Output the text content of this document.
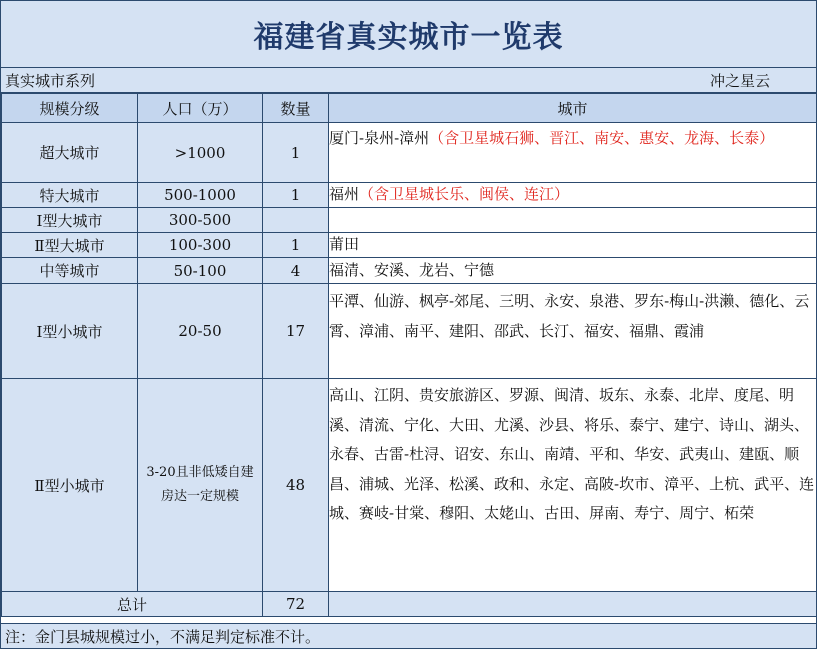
福建省真实城市一览表
真实城市系列	冲之星云
规模分级	人口（万）	数量	城市
超大城市	>1000	1	厦门-泉州-漳州（含卫星城石狮、晋江、南安、惠安、龙海、长泰）
特大城市	500-1000	1	福州（含卫星城长乐、闽侯、连江）
Ⅰ型大城市	300-500		
Ⅱ型大城市	100-300	1	莆田
中等城市	50-100	4	福清、安溪、龙岩、宁德
Ⅰ型小城市	20-50	17	平潭、仙游、枫亭-郊尾、三明、永安、泉港、罗东-梅山-洪濑、德化、云霄、漳浦、南平、建阳、邵武、长汀、福安、福鼎、霞浦
Ⅱ型小城市	3-20且非低矮自建房达一定规模	48	高山、江阴、贵安旅游区、罗源、闽清、坂东、永泰、北岸、度尾、明溪、清流、宁化、大田、尤溪、沙县、将乐、泰宁、建宁、诗山、湖头、永春、古雷-杜浔、诏安、东山、南靖、平和、华安、武夷山、建瓯、顺昌、浦城、光泽、松溪、政和、永定、高陂-坎市、漳平、上杭、武平、连城、赛岐-甘棠、穆阳、太姥山、古田、屏南、寿宁、周宁、柘荣
总计		72	
注：金门县城规模过小，不满足判定标准不计。
